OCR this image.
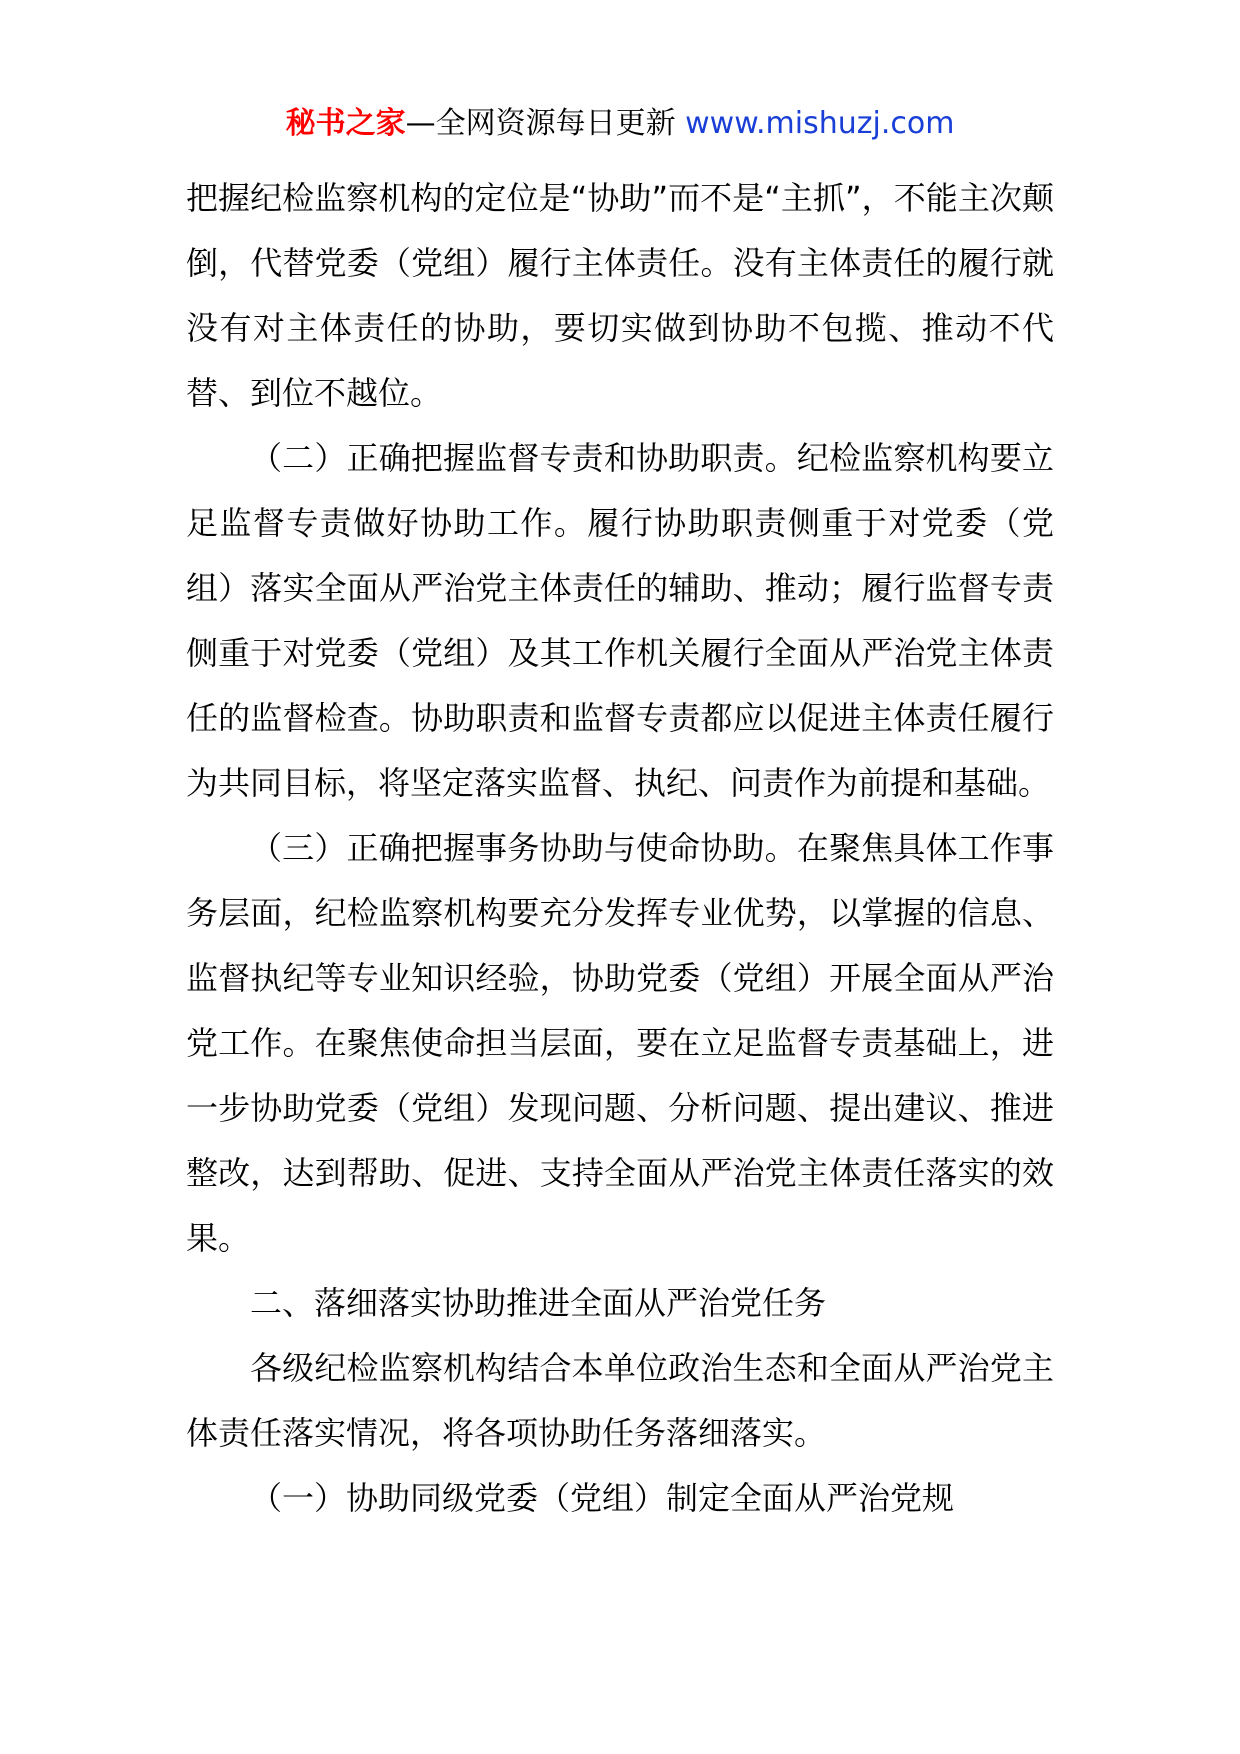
秘书之家—全网资源每日更新 www.mishuzj.com

把握纪检监察机构的定位是“协助”而不是“主抓”，不能主次颠倒，代替党委（党组）履行主体责任。没有主体责任的履行就没有对主体责任的协助，要切实做到协助不包揽、推动不代替、到位不越位。

（二）正确把握监督专责和协助职责。纪检监察机构要立足监督专责做好协助工作。履行协助职责侧重于对党委（党组）落实全面从严治党主体责任的辅助、推动；履行监督专责侧重于对党委（党组）及其工作机关履行全面从严治党主体责任的监督检查。协助职责和监督专责都应以促进主体责任履行为共同目标，将坚定落实监督、执纪、问责作为前提和基础。

（三）正确把握事务协助与使命协助。在聚焦具体工作事务层面，纪检监察机构要充分发挥专业优势，以掌握的信息、监督执纪等专业知识经验，协助党委（党组）开展全面从严治党工作。在聚焦使命担当层面，要在立足监督专责基础上，进一步协助党委（党组）发现问题、分析问题、提出建议、推进整改，达到帮助、促进、支持全面从严治党主体责任落实的效果。

二、落细落实协助推进全面从严治党任务

各级纪检监察机构结合本单位政治生态和全面从严治党主体责任落实情况，将各项协助任务落细落实。

（一）协助同级党委（党组）制定全面从严治党规
